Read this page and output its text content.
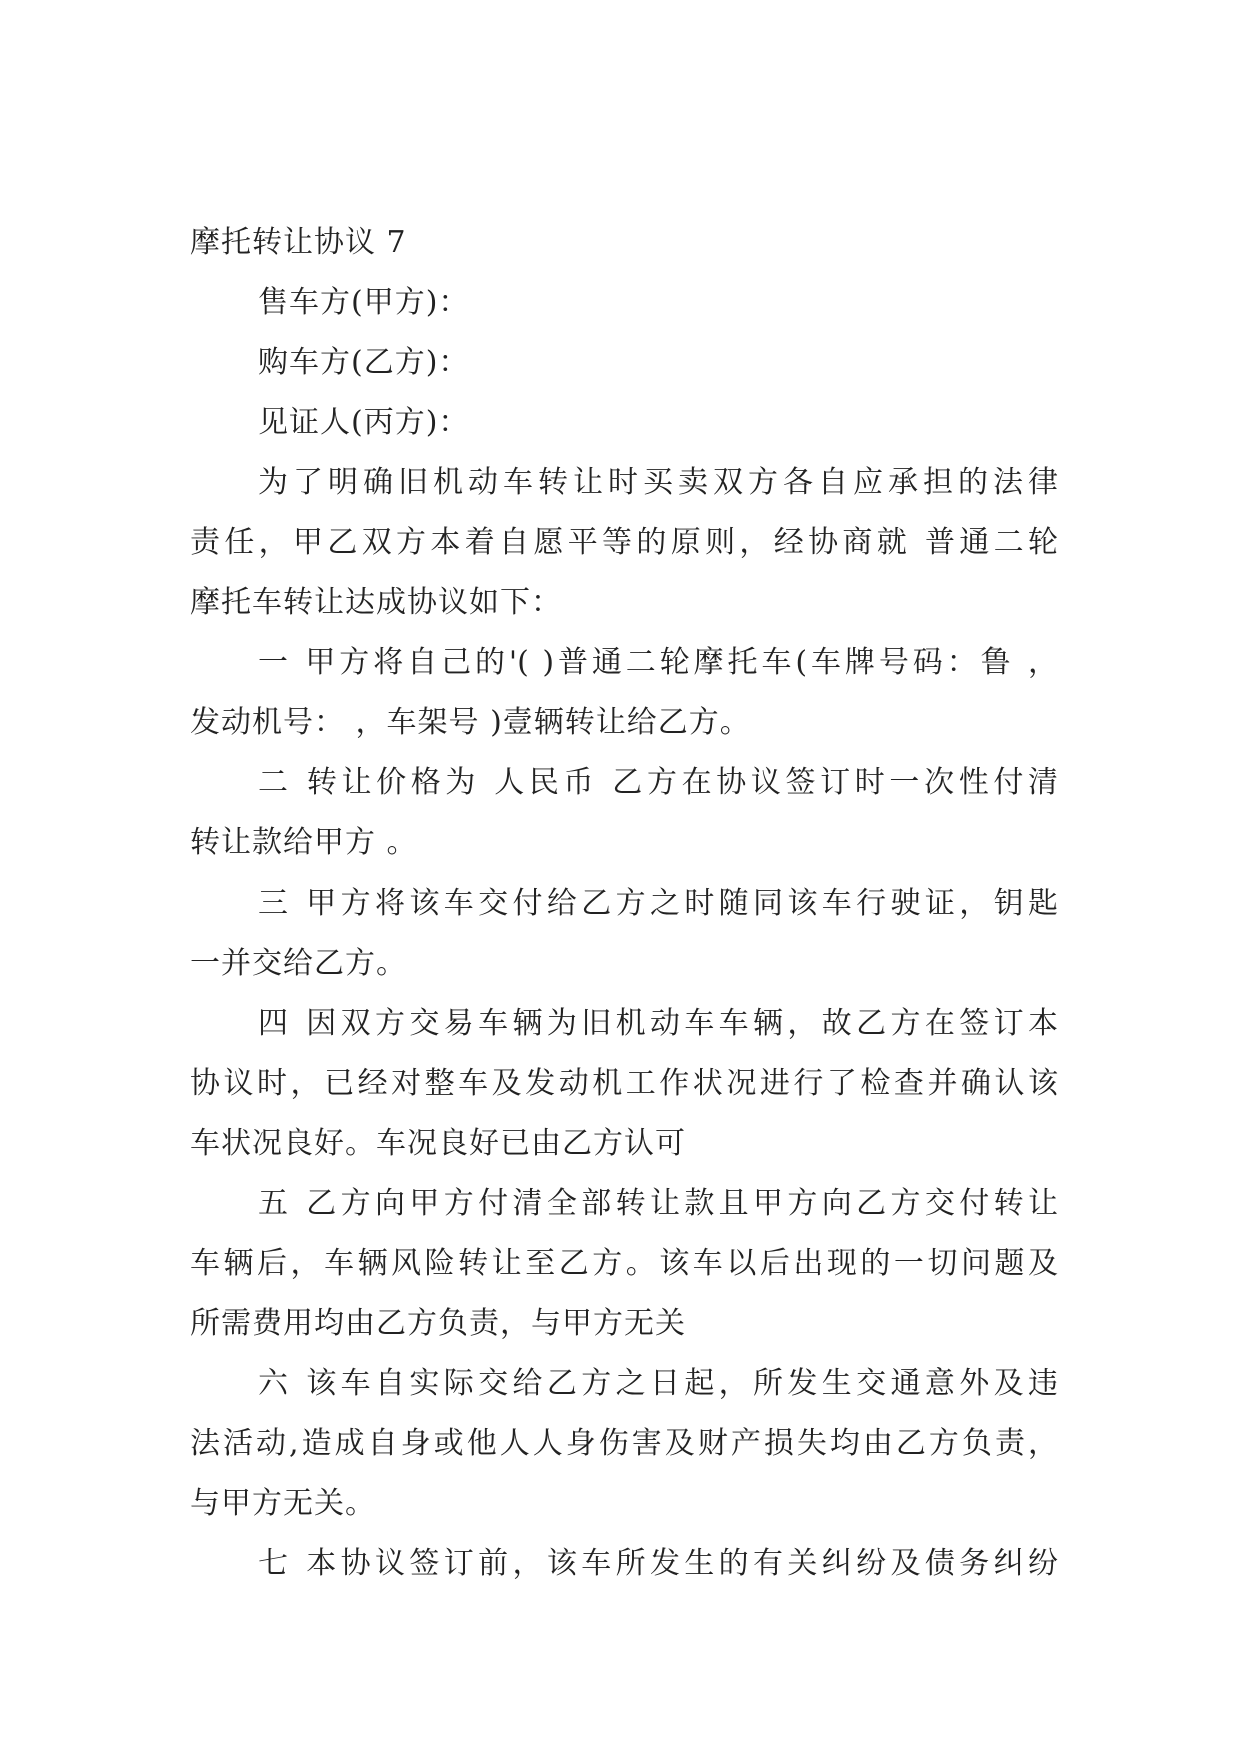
摩托转让协议 7
售车方(甲方)：
购车方(乙方)：
见证人(丙方)：
为了明确旧机动车转让时买卖双方各自应承担的法律
责任，甲乙双方本着自愿平等的原则，经协商就 普通二轮
摩托车转让达成协议如下：
一 甲方将自己的'( )普通二轮摩托车(车牌号码：鲁 ，
发动机号： ，车架号 )壹辆转让给乙方。
二 转让价格为 人民币 乙方在协议签订时一次性付清
转让款给甲方 。
三 甲方将该车交付给乙方之时随同该车行驶证，钥匙
一并交给乙方。
四 因双方交易车辆为旧机动车车辆，故乙方在签订本
协议时，已经对整车及发动机工作状况进行了检查并确认该
车状况良好。车况良好已由乙方认可
五 乙方向甲方付清全部转让款且甲方向乙方交付转让
车辆后，车辆风险转让至乙方。该车以后出现的一切问题及
所需费用均由乙方负责，与甲方无关
六 该车自实际交给乙方之日起，所发生交通意外及违
法活动,造成自身或他人人身伤害及财产损失均由乙方负责，
与甲方无关。
七 本协议签订前，该车所发生的有关纠纷及债务纠纷
